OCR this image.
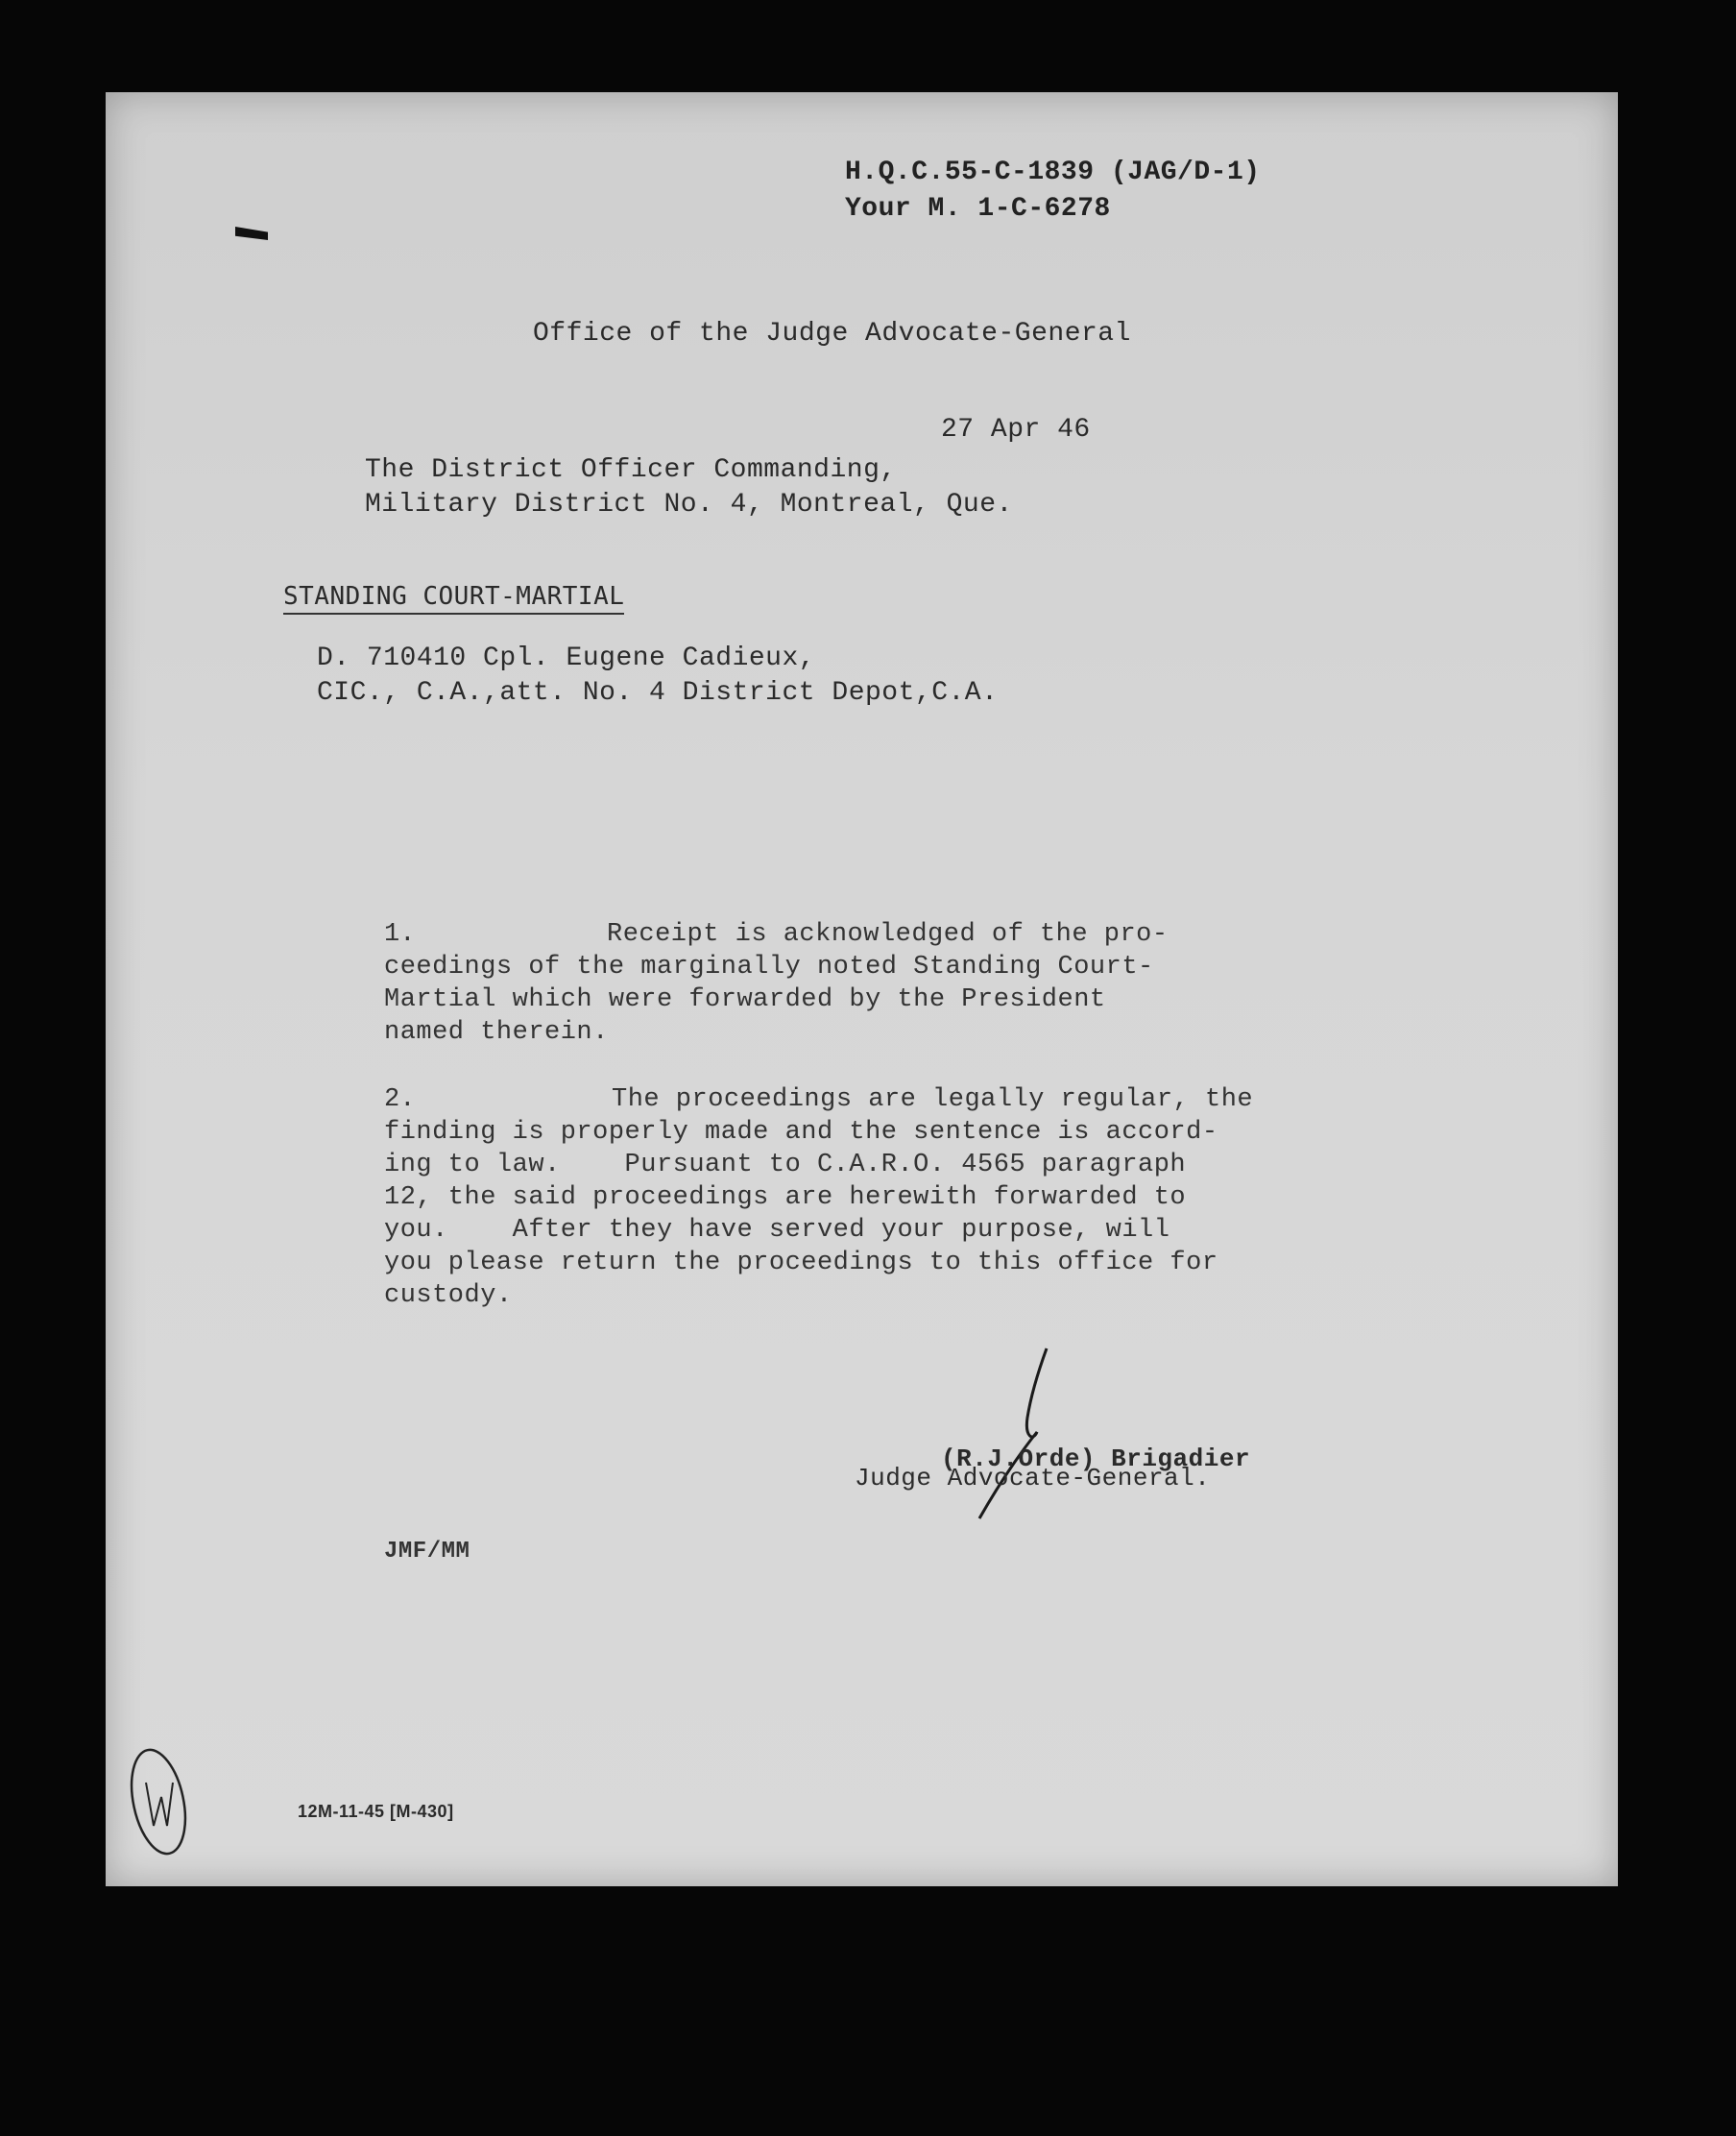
H.Q.C.55-C-1839 (JAG/D-1)
Your M. 1-C-6278
Office of the Judge Advocate-General
27 Apr 46
The District Officer Commanding,
Military District No. 4, Montreal, Que.
STANDING COURT-MARTIAL
D. 710410 Cpl. Eugene Cadieux,
CIC., C.A.,att. No. 4 District Depot,C.A.
1.	Receipt is acknowledged of the pro-
ceedings of the marginally noted Standing Court-
Martial which were forwarded by the President
named therein.
2.	The proceedings are legally regular, the
finding is properly made and the sentence is accord-
ing to law.    Pursuant to C.A.R.O. 4565 paragraph
12, the said proceedings are herewith forwarded to
you.    After they have served your purpose, will
you please return the proceedings to this office for
custody.
(R.J.Orde) Brigadier
Judge Advocate-General.
JMF/MM
12M-11-45 [M-430]
